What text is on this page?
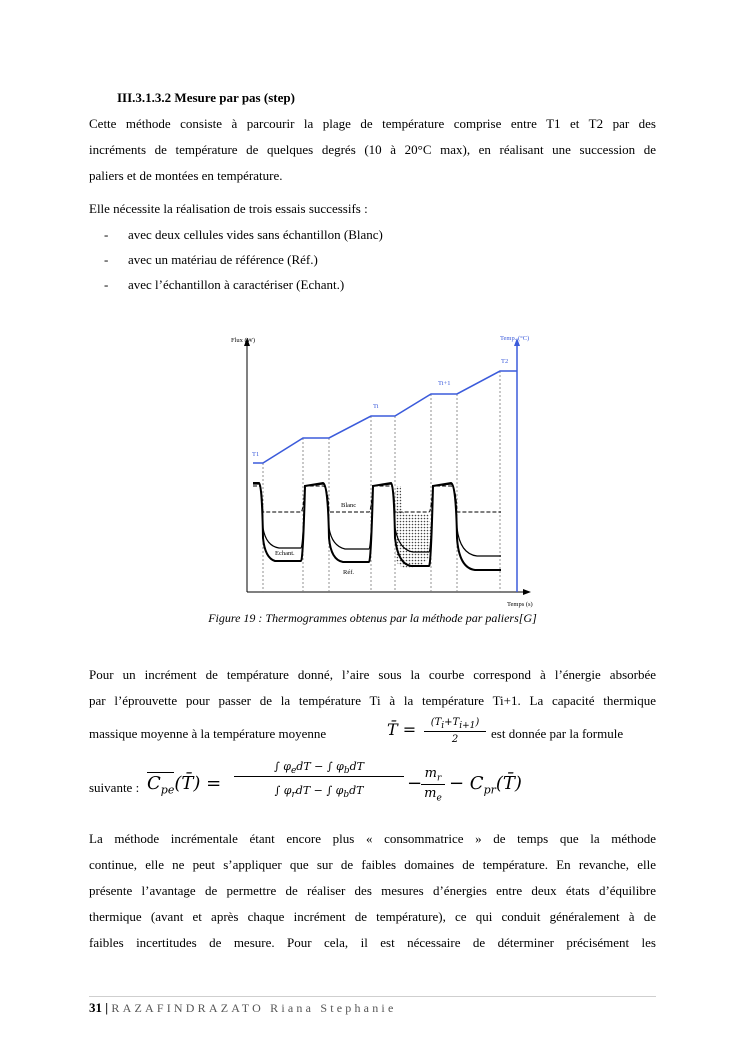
III.3.1.3.2 Mesure par pas (step)
Cette méthode consiste à parcourir la plage de température comprise entre T1 et T2 par des
incréments de température de quelques degrés (10 à 20°C max), en réalisant une succession de
paliers et de montées en température.
Elle nécessite la réalisation de trois essais successifs :
- avec deux cellules vides sans échantillon (Blanc)
- avec un matériau de référence (Réf.)
- avec l’échantillon à caractériser (Echant.)
Flux (W)	Temp. (°C)
Temps (s)
T1
Ti
Ti+1
T2
Blanc
Echant.
Réf.
Figure 19 : Thermogrammes obtenus par la méthode par paliers[G]
Pour un incrément de température donné, l’aire sous la courbe correspond à l’énergie absorbée
par l’éprouvette pour passer de la température Ti à la température Ti+1. La capacité thermique
massique moyenne à la température moyenne	T̄ =	$(T_i+T_{i+1})$
2	est donnée par la formule
suivante : $C_{pe}(T̄)$ =
∫ $\varphi_edT$ − ∫ $\varphi_bdT$
∫ $\varphi_rdT$ − ∫ $\varphi_bdT$	− $m_r$
$m_e$
− $C_{pr}(T̄)$
La méthode incrémentale étant encore plus « consommatrice » de temps que la méthode
continue, elle ne peut s’appliquer que sur de faibles domaines de température. En revanche, elle
présente l’avantage de permettre de réaliser des mesures d’énergies entre deux états d’équilibre
thermique (avant et après chaque incrément de température), ce qui conduit généralement à de
faibles incertitudes de mesure. Pour cela, il est nécessaire de déterminer précisément les
31 | RAZAFINDRAZATO Riana Stephanie
